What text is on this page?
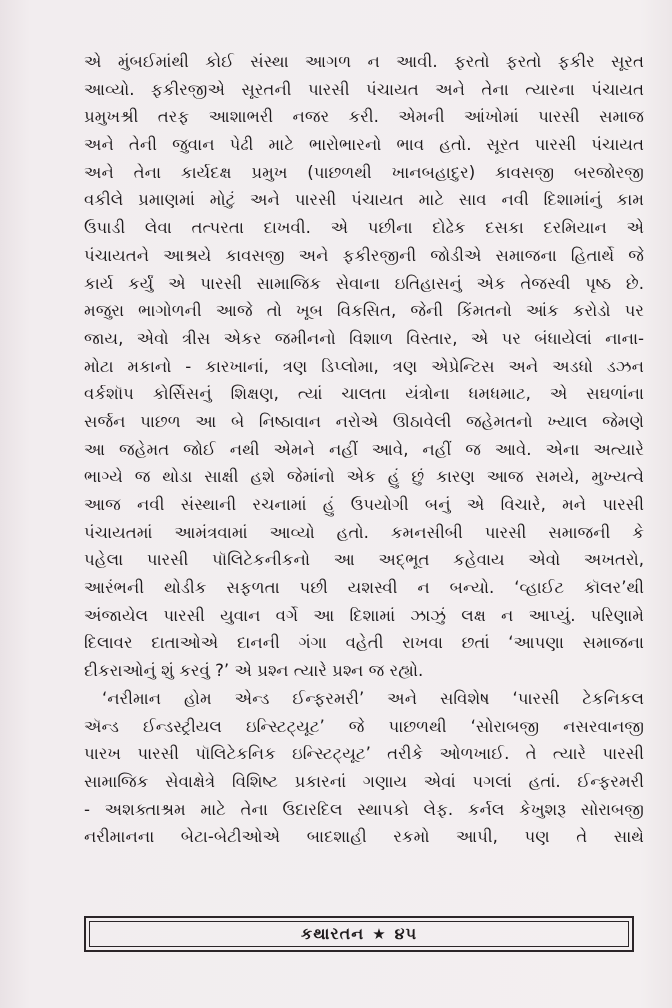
એ મુંબઈમાંથી કોઈ સંસ્થા આગળ ન આવી. ફરતો ફરતો ફકીર સૂરત
આવ્યો. ફકીરજીએ સૂરતની પારસી પંચાયત અને તેના ત્યારના પંચાયત
પ્રમુખશ્રી તરફ આશાભરી નજર કરી. એમની આંખોમાં પારસી સમાજ
અને તેની જુવાન પેઢી માટે ભારોભારનો ભાવ હતો. સૂરત પારસી પંચાયત
અને તેના કાર્યદક્ષ પ્રમુખ (પાછળથી ખાનબહાદુર) કાવસજી બરજોરજી
વકીલે પ્રમાણમાં મોટું અને પારસી પંચાયત માટે સાવ નવી દિશામાંનું કામ
ઉપાડી લેવા તત્પરતા દાખવી. એ પછીના દોઢેક દસકા દરમિયાન એ
પંચાયતને આશ્રયે કાવસજી અને ફકીરજીની જોડીએ સમાજના હિતાર્થે જે
કાર્ય કર્યું એ પારસી સામાજિક સેવાના ઇતિહાસનું એક તેજસ્વી પૃષ્ઠ છે.
મજુરા ભાગોળની આજે તો ખૂબ વિકસિત, જેની કિંમતનો આંક કરોડો પર
જાય, એવો ત્રીસ એકર જમીનનો વિશાળ વિસ્તાર, એ પર બંધાયેલાં નાના-
મોટા મકાનો - કારખાનાં, ત્રણ ડિપ્લોમા, ત્રણ એપ્રેન્ટિસ અને અડધો ડઝન
વર્કશૉપ કોર્સિસનું શિક્ષણ, ત્યાં ચાલતા યંત્રોના ધમધમાટ, એ સઘળાંના
સર્જન પાછળ આ બે નિષ્ઠાવાન નરોએ ઊઠાવેલી જહેમતનો ખ્યાલ જેમણે
આ જહેમત જોઈ નથી એમને નહીં આવે, નહીં જ આવે. એના અત્યારે
ભાગ્યે જ થોડા સાક્ષી હશે જેમાંનો એક હું છું કારણ આજ સમયે, મુખ્યત્વે
આજ નવી સંસ્થાની રચનામાં હું ઉપયોગી બનું એ વિચારે, મને પારસી
પંચાયતમાં આમંત્રવામાં આવ્યો હતો. કમનસીબી પારસી સમાજની કે
પહેલા પારસી પૉલિટેકનીકનો આ અદ્ભૂત કહેવાય એવો અખતરો,
આરંભની થોડીક સફળતા પછી યશસ્વી ન બન્યો. ‘વ્હાઈટ કૉલર’થી
અંજાયેલ પારસી યુવાન વર્ગે આ દિશામાં ઝાઝું લક્ષ ન આપ્યું. પરિણામે
દિલાવર દાતાઓએ દાનની ગંગા વહેતી રાખવા છતાં ‘આપણા સમાજના
દીકરાઓનું શું કરવું ?’ એ પ્રશ્ન ત્યારે પ્રશ્ન જ રહ્યો.
‘નરીમાન હોમ એન્ડ ઈન્ફરમરી’ અને સવિશેષ ‘પારસી ટેકનિકલ
ઍન્ડ ઈન્ડસ્ટ્રીયલ ઇન્સ્ટિટ્યૂટ’ જે પાછળથી ‘સોરાબજી નસરવાનજી
પારખ પારસી પૉલિટેકનિક ઇન્સ્ટિટ્યૂટ’ તરીકે ઓળખાઈ. તે ત્યારે પારસી
સામાજિક સેવાક્ષેત્રે વિશિષ્ટ પ્રકારનાં ગણાય એવાં પગલાં હતાં. ઈન્ફરમરી
- અશક્તાશ્રમ માટે તેના ઉદારદિલ સ્થાપકો લેફ. કર્નલ કેખુશરૂ સોરાબજી
નરીમાનના બેટા-બેટીઓએ બાદશાહી રકમો આપી, પણ તે સાથે
કથારતન ★ ૪૫
